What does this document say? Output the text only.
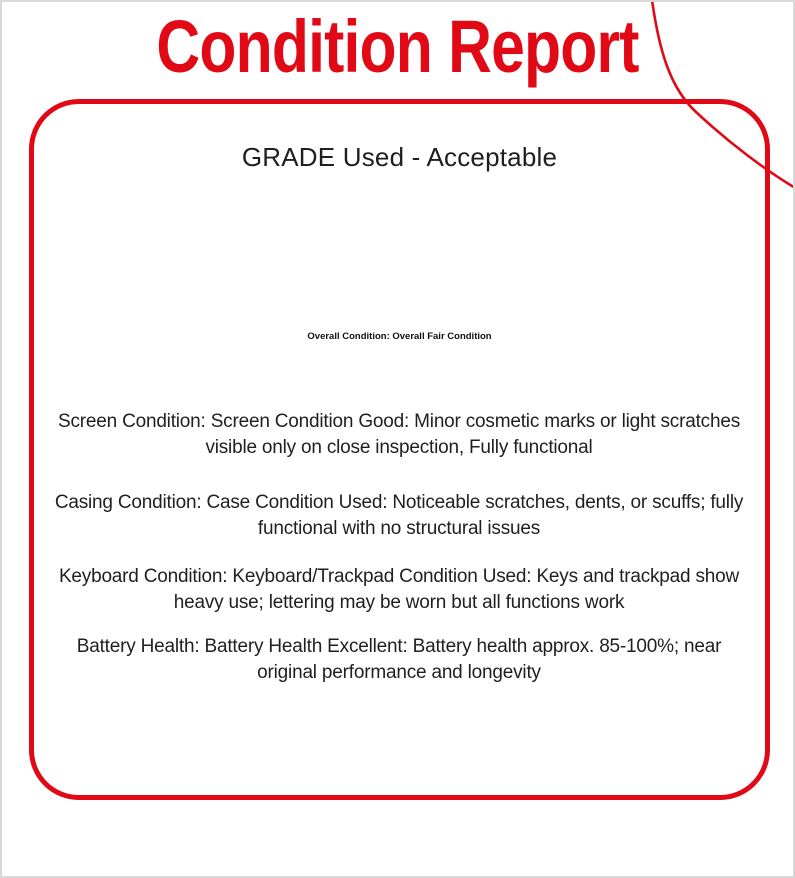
Condition Report
GRADE Used - Acceptable
Overall Condition: Overall Fair Condition
Screen Condition: Screen Condition Good: Minor cosmetic marks or light scratches visible only on close inspection, Fully functional
Casing Condition: Case Condition Used: Noticeable scratches, dents, or scuffs; fully functional with no structural issues
Keyboard Condition: Keyboard/Trackpad Condition Used: Keys and trackpad show heavy use; lettering may be worn but all functions work
Battery Health: Battery Health Excellent: Battery health approx. 85-100%; near original performance and longevity
